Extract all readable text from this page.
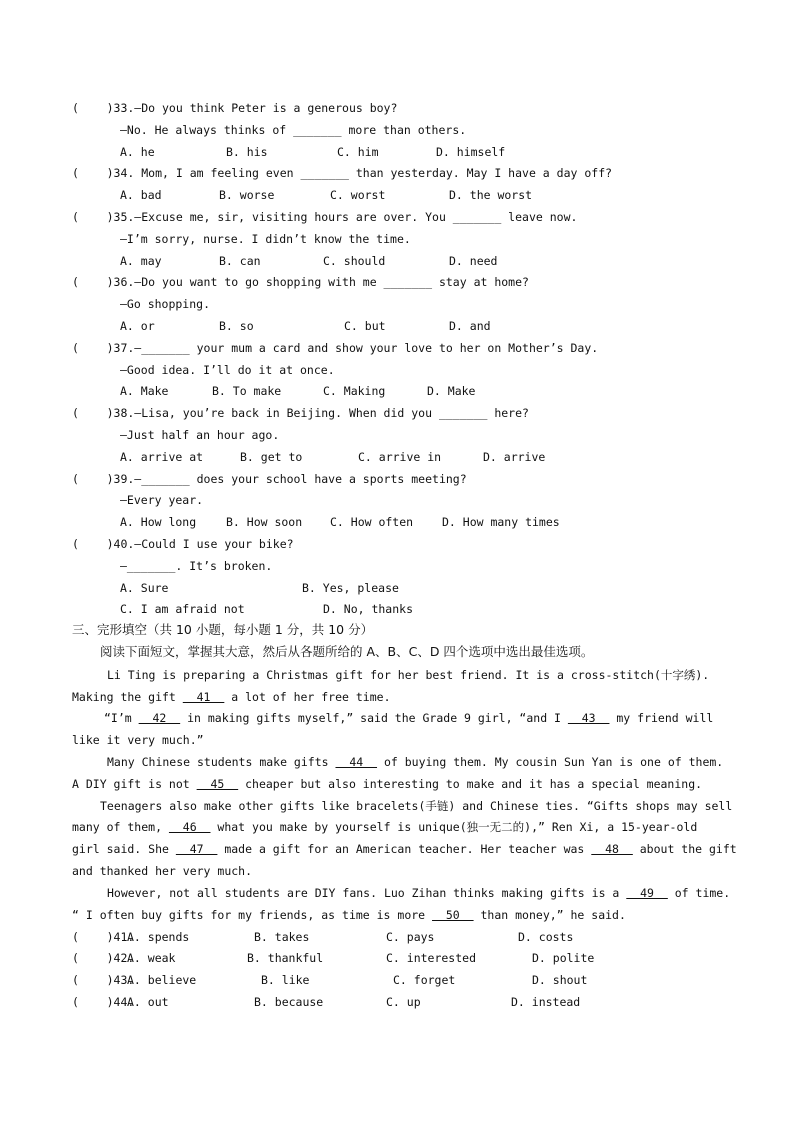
(    )33.—Do you think Peter is a generous boy?
—No. He always thinks of _______ more than others.
A. he	B. his	C. him	D. himself
(    )34. Mom, I am feeling even _______ than yesterday. May I have a day off?
A. bad	B. worse	C. worst	D. the worst
(    )35.—Excuse me, sir, visiting hours are over. You _______ leave now.
—I’m sorry, nurse. I didn’t know the time.
A. may	B. can	C. should	D. need
(    )36.—Do you want to go shopping with me _______ stay at home?
—Go shopping.
A. or	B. so	C. but	D. and
(    )37.—_______ your mum a card and show your love to her on Mother’s Day.
—Good idea. I’ll do it at once.
A. Make	B. To make	C. Making	D. Make
(    )38.—Lisa, you’re back in Beijing. When did you _______ here?
—Just half an hour ago.
A. arrive at	B. get to	C. arrive in	D. arrive
(    )39.—_______ does your school have a sports meeting?
—Every year.
A. How long	B. How soon C. How often	D. How many times
(    )40.—Could I use your bike?
—_______. It’s broken.
A. Sure	B. Yes, please
C. I am afraid not	D. No, thanks
三、完形填空（共 10 小题，每小题 1 分，共 10 分）
阅读下面短文，掌握其大意，然后从各题所给的 A、B、C、D 四个选项中选出最佳选项。
Li Ting is preparing a Christmas gift for her best friend. It is a cross-stitch(十字绣).
Making the gift   41   a lot of her free time.
“I’m   42   in making gifts myself,” said the Grade 9 girl, “and I   43   my friend will
like it very much.”
Many Chinese students make gifts   44   of buying them. My cousin Sun Yan is one of them.
A DIY gift is not   45   cheaper but also interesting to make and it has a special meaning.
Teenagers also make other gifts like bracelets(手链) and Chinese ties. “Gifts shops may sell
many of them,   46   what you make by yourself is unique(独一无二的),” Ren Xi, a 15-year-old
girl said. She   47   made a gift for an American teacher. Her teacher was   48   about the gift
and thanked her very much.
However, not all students are DIY fans. Luo Zihan thinks making gifts is a   49   of time.
“ I often buy gifts for my friends, as time is more   50   than money,” he said.
(    )41.
A. spends	B. takes	C. pays	D. costs
(    )42.
A. weak	B. thankful	C. interested	D. polite
(    )43.
A. believe	B. like	C. forget	D. shout
(    )44.
A. out	B. because	C. up	D. instead
